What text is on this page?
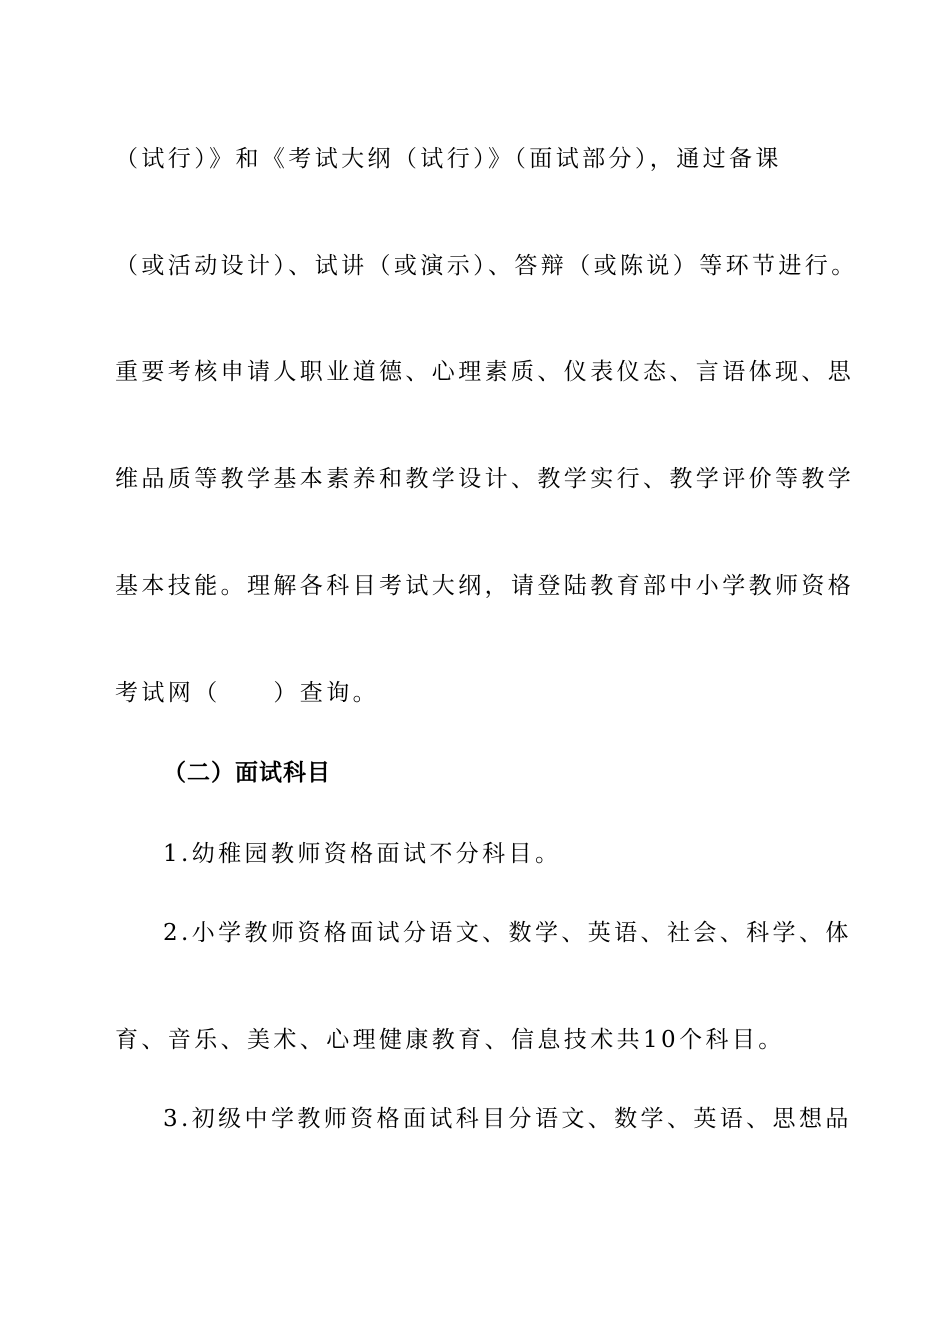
（试行）》和《考试大纲（试行）》（面试部分），通过备课
（或活动设计）、试讲（或演示）、答辩（或陈说）等环节进行。
重要考核申请人职业道德、心理素质、仪表仪态、言语体现、思
维品质等教学基本素养和教学设计、教学实行、教学评价等教学
基本技能。理解各科目考试大纲，请登陆教育部中小学教师资格
考试网（　　）查询。
（二）面试科目
1.幼稚园教师资格面试不分科目。
2.小学教师资格面试分语文、数学、英语、社会、科学、体
育、音乐、美术、心理健康教育、信息技术共10个科目。
3.初级中学教师资格面试科目分语文、数学、英语、思想品
